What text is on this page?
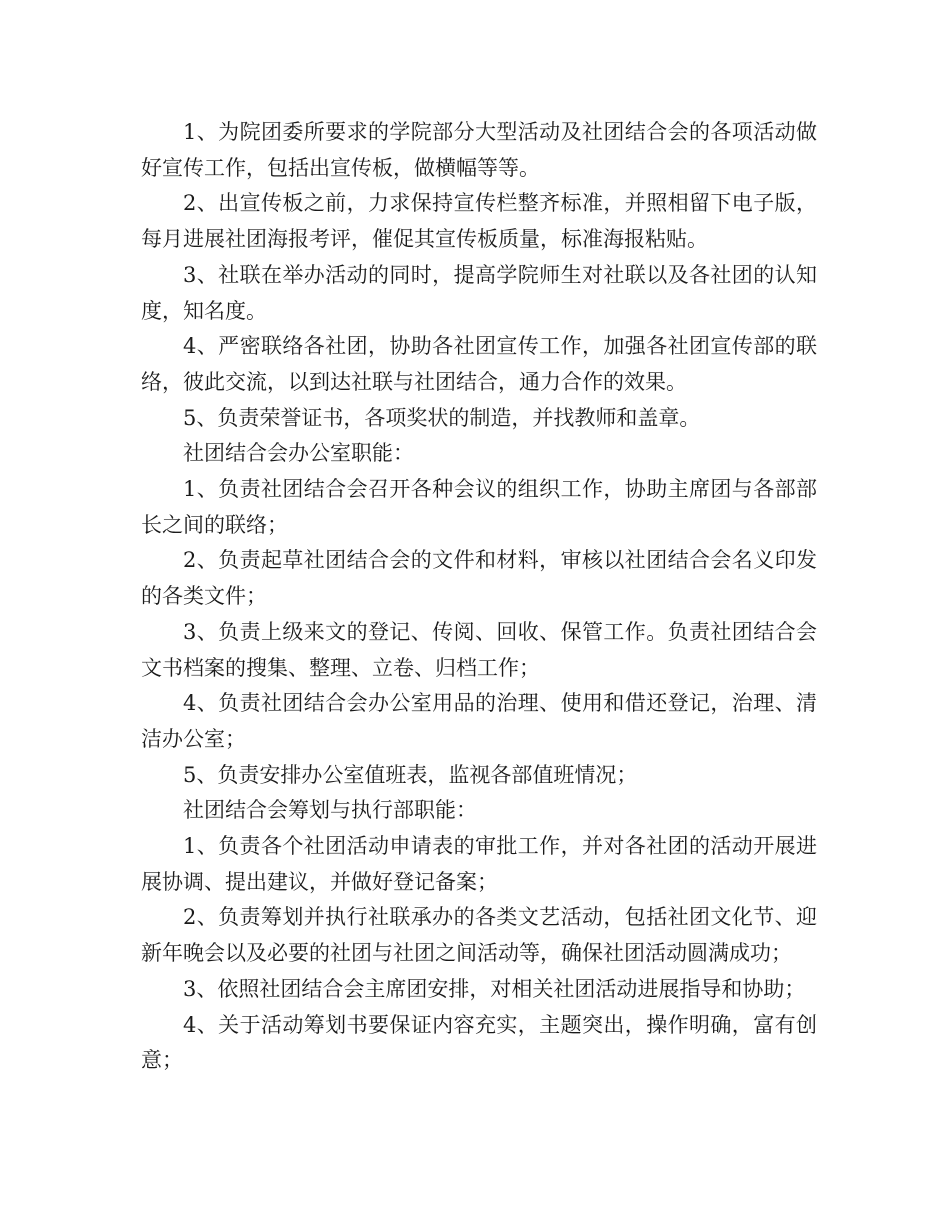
1、为院团委所要求的学院部分大型活动及社团结合会的各项活动做好宣传工作，包括出宣传板，做横幅等等。

2、出宣传板之前，力求保持宣传栏整齐标准，并照相留下电子版，每月进展社团海报考评，催促其宣传板质量，标准海报粘贴。

3、社联在举办活动的同时，提高学院师生对社联以及各社团的认知度，知名度。

4、严密联络各社团，协助各社团宣传工作，加强各社团宣传部的联络，彼此交流，以到达社联与社团结合，通力合作的效果。

5、负责荣誉证书，各项奖状的制造，并找教师和盖章。

社团结合会办公室职能：

1、负责社团结合会召开各种会议的组织工作，协助主席团与各部部长之间的联络；

2、负责起草社团结合会的文件和材料，审核以社团结合会名义印发的各类文件；

3、负责上级来文的登记、传阅、回收、保管工作。负责社团结合会文书档案的搜集、整理、立卷、归档工作；

4、负责社团结合会办公室用品的治理、使用和借还登记，治理、清洁办公室；

5、负责安排办公室值班表，监视各部值班情况；

社团结合会筹划与执行部职能：

1、负责各个社团活动申请表的审批工作，并对各社团的活动开展进展协调、提出建议，并做好登记备案；

2、负责筹划并执行社联承办的各类文艺活动，包括社团文化节、迎新年晚会以及必要的社团与社团之间活动等，确保社团活动圆满成功；

3、依照社团结合会主席团安排，对相关社团活动进展指导和协助；

4、关于活动筹划书要保证内容充实，主题突出，操作明确，富有创意；
